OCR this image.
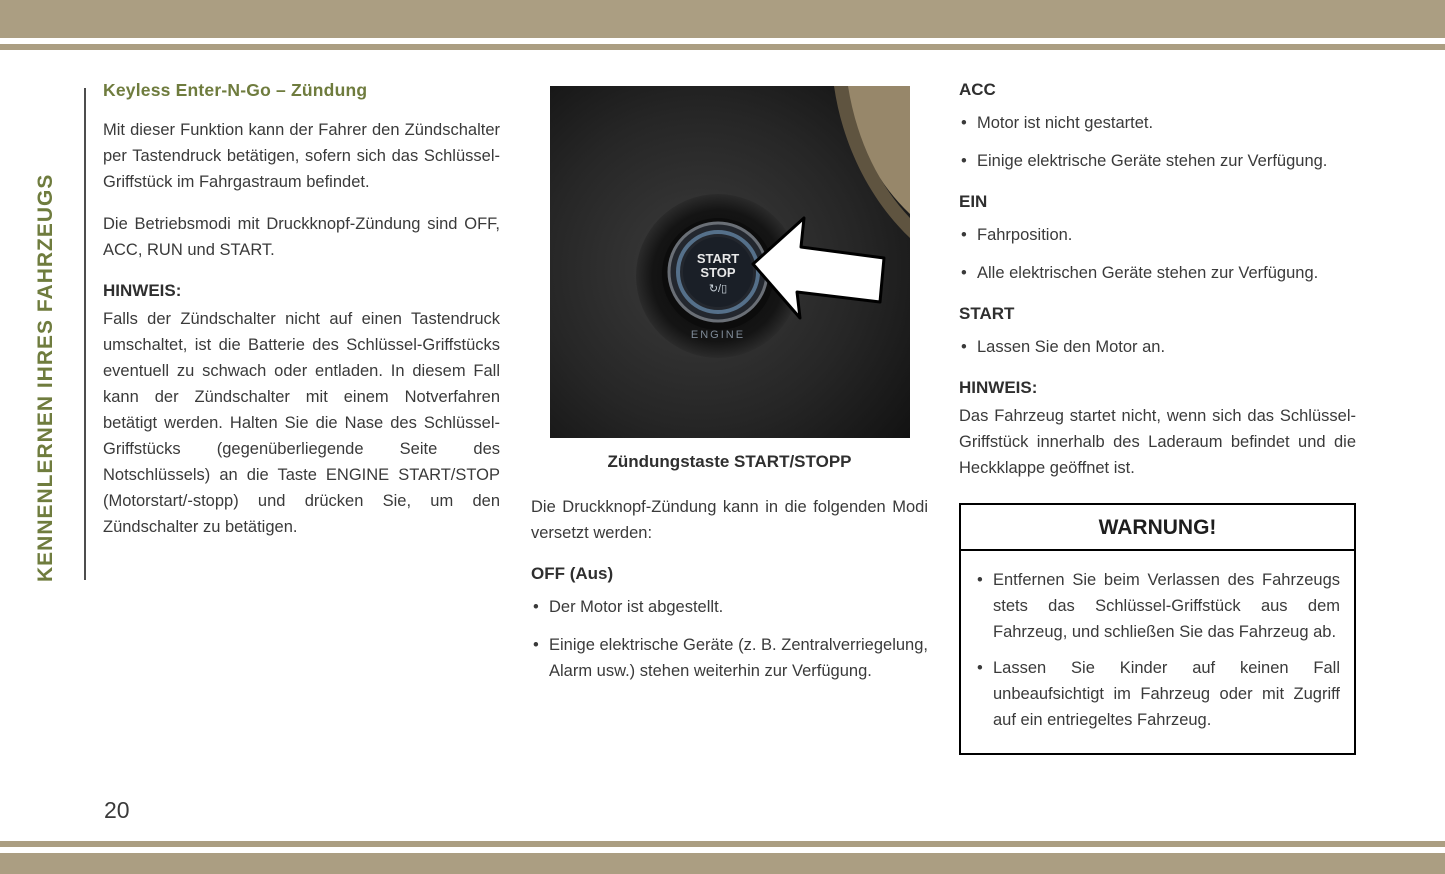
KENNENLERNEN IHRES FAHRZEUGS
Keyless Enter-N-Go – Zündung

Mit dieser Funktion kann der Fahrer den Zündschalter per Tastendruck betätigen, sofern sich das Schlüssel-Griffstück im Fahrgastraum befindet.

Die Betriebsmodi mit Druckknopf-Zündung sind OFF, ACC, RUN und START.

HINWEIS:

Falls der Zündschalter nicht auf einen Tastendruck umschaltet, ist die Batterie des Schlüssel-Griffstücks eventuell zu schwach oder entladen. In diesem Fall kann der Zündschalter mit einem Notverfahren betätigt werden. Halten Sie die Nase des Schlüssel-Griffstücks (gegenüberliegende Seite des Notschlüssels) an die Taste ENGINE START/STOP (Motorstart/-stopp) und drücken Sie, um den Zündschalter zu betätigen.

START
STOP
↻/▯
ENGINE
Zündungstaste START/STOPP

Die Druckknopf-Zündung kann in die folgenden Modi versetzt werden:

OFF (Aus)
• Der Motor ist abgestellt.
• Einige elektrische Geräte (z. B. Zentralverriegelung, Alarm usw.) stehen weiterhin zur Verfügung.
ACC
• Motor ist nicht gestartet.
• Einige elektrische Geräte stehen zur Verfügung.
EIN
• Fahrposition.
• Alle elektrischen Geräte stehen zur Verfügung.
START
• Lassen Sie den Motor an.
HINWEIS:

Das Fahrzeug startet nicht, wenn sich das Schlüssel-Griffstück innerhalb des Laderaum befindet und die Heckklappe geöffnet ist.

WARNUNG!
• Entfernen Sie beim Verlassen des Fahrzeugs stets das Schlüssel-Griffstück aus dem Fahrzeug, und schließen Sie das Fahrzeug ab.
• Lassen Sie Kinder auf keinen Fall unbeaufsichtigt im Fahrzeug oder mit Zugriff auf ein entriegeltes Fahrzeug.
20
